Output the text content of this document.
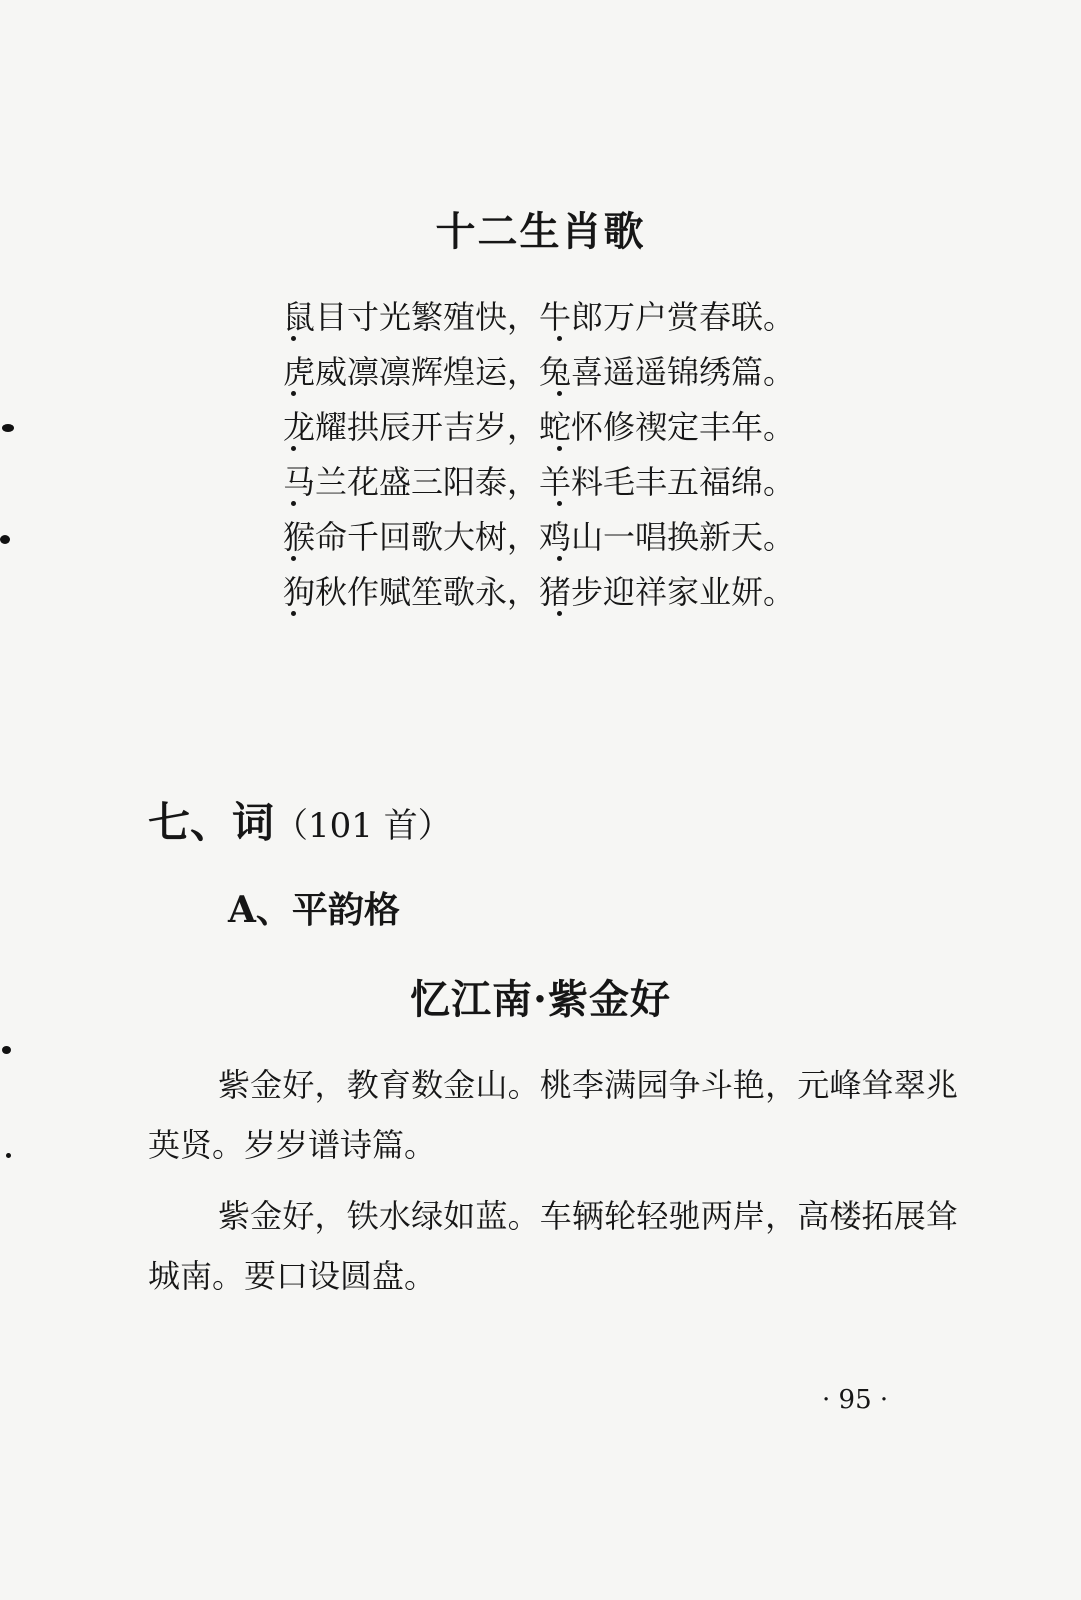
十二生肖歌
鼠目寸光繁殖快，牛郎万户赏春联。
虎威凛凛辉煌运，兔喜遥遥锦绣篇。
龙耀拱辰开吉岁，蛇怀修禊定丰年。
马兰花盛三阳泰，羊料毛丰五福绵。
猴命千回歌大树，鸡山一唱换新天。
狗秋作赋笙歌永，猪步迎祥家业妍。
七、词（101 首）
A、平韵格
忆江南·紫金好

紫金好，教育数金山。桃李满园争斗艳，元峰耸翠兆英贤。岁岁谱诗篇。

紫金好，铁水绿如蓝。车辆轮轻驰两岸，高楼拓展耸城南。要口设圆盘。

· 95 ·
